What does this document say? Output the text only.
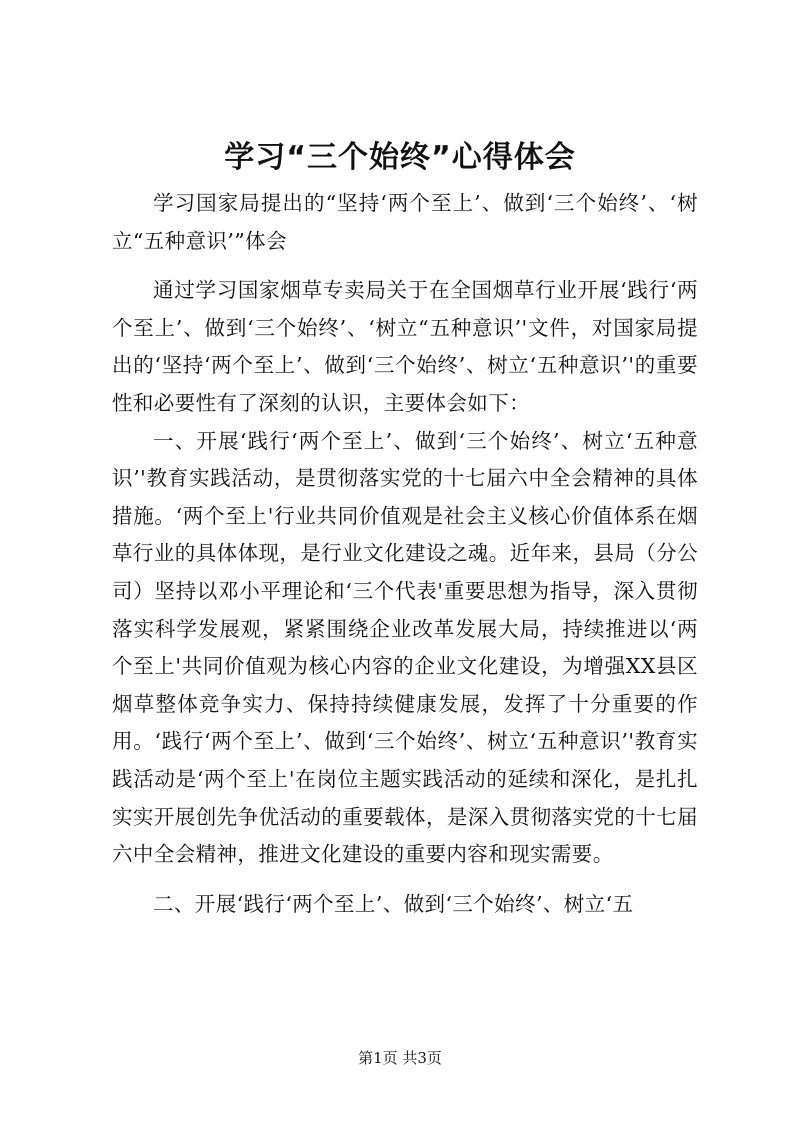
学习“三个始终”心得体会

学习国家局提出的“坚持‘两个至上’、做到‘三个始终’、‘树立“五种意识’”体会

通过学习国家烟草专卖局关于在全国烟草行业开展‘践行‘两个至上’、做到‘三个始终’、‘树立“五种意识’'文件，对国家局提出的‘坚持‘两个至上’、做到‘三个始终’、树立‘五种意识’'的重要性和必要性有了深刻的认识，主要体会如下：

一、开展‘践行‘两个至上’、做到‘三个始终’、树立‘五种意识’'教育实践活动，是贯彻落实党的十七届六中全会精神的具体措施。‘两个至上'行业共同价值观是社会主义核心价值体系在烟草行业的具体体现，是行业文化建设之魂。近年来，县局（分公司）坚持以邓小平理论和‘三个代表'重要思想为指导，深入贯彻落实科学发展观，紧紧围绕企业改革发展大局，持续推进以‘两个至上'共同价值观为核心内容的企业文化建设，为增强XX县区烟草整体竞争实力、保持持续健康发展，发挥了十分重要的作用。‘践行‘两个至上’、做到‘三个始终’、树立‘五种意识’'教育实践活动是‘两个至上'在岗位主题实践活动的延续和深化，是扎扎实实开展创先争优活动的重要载体，是深入贯彻落实党的十七届六中全会精神，推进文化建设的重要内容和现实需要。

二、开展‘践行‘两个至上’、做到‘三个始终’、树立‘五

第1页 共3页
